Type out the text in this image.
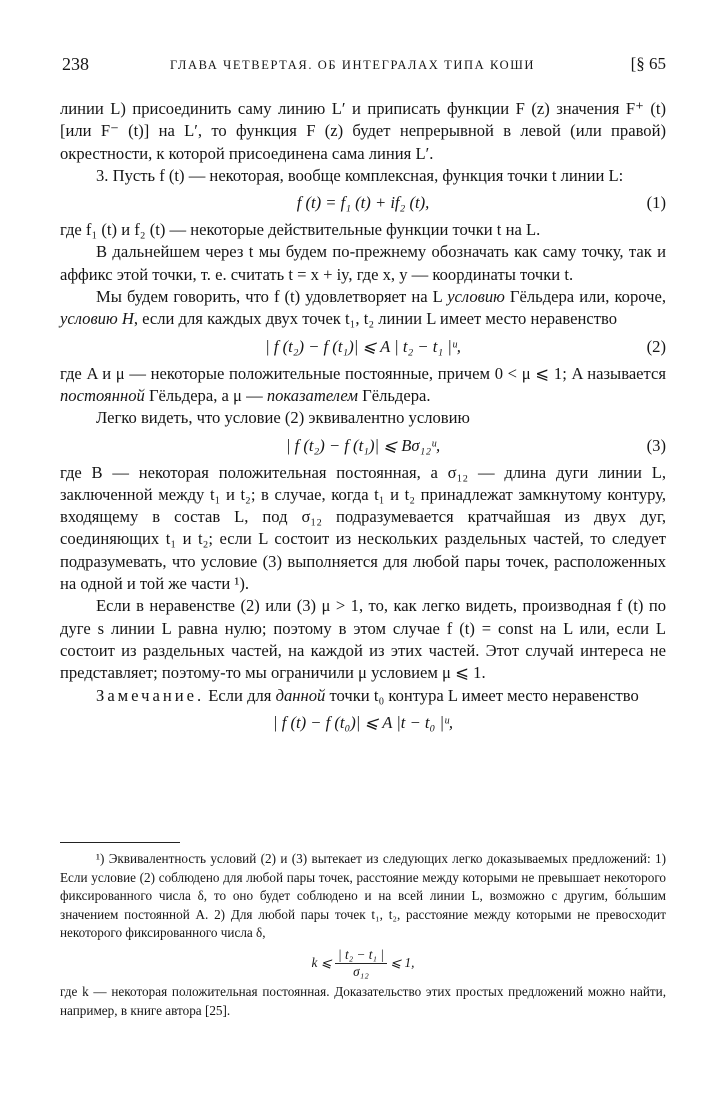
238	ГЛАВА ЧЕТВЕРТАЯ. ОБ ИНТЕГРАЛАХ ТИПА КОШИ	[§ 65

линии L) присоединить саму линию L′ и приписать функции F (z) значения F⁺ (t) [или F⁻ (t)] на L′, то функция F (z) будет непрерывной в левой (или правой) окрестности, к которой присоединена сама линия L′.

3. Пусть f (t) — некоторая, вообще комплексная, функция точки t линии L:

f (t) = f₁ (t) + if₂ (t),	(1)

где f₁ (t) и f₂ (t) — некоторые действительные функции точки t на L.

В дальнейшем через t мы будем по-прежнему обозначать как саму точку, так и аффикс этой точки, т. е. считать t = x + iy, где x, y — координаты точки t.

Мы будем говорить, что f (t) удовлетворяет на L условию Гёльдера или, короче, условию H, если для каждых двух точек t₁, t₂ линии L имеет место неравенство

| f (t₂) − f (t₁)| ⩽ A | t₂ − t₁ |ᵘ,	(2)

где A и μ — некоторые положительные постоянные, причем 0 < μ ⩽ 1; A называется постоянной Гёльдера, а μ — показателем Гёльдера.

Легко видеть, что условие (2) эквивалентно условию

| f (t₂) − f (t₁)| ⩽ Bσ₁₂ᵘ,	(3)

где B — некоторая положительная постоянная, а σ₁₂ — длина дуги линии L, заключенной между t₁ и t₂; в случае, когда t₁ и t₂ принадлежат замкнутому контуру, входящему в состав L, под σ₁₂ подразумевается кратчайшая из двух дуг, соединяющих t₁ и t₂; если L состоит из нескольких раздельных частей, то следует подразумевать, что условие (3) выполняется для любой пары точек, расположенных на одной и той же части ¹).

Если в неравенстве (2) или (3) μ > 1, то, как легко видеть, производная f (t) по дуге s линии L равна нулю; поэтому в этом случае f (t) = const на L или, если L состоит из раздельных частей, на каждой из этих частей. Этот случай интереса не представляет; поэтому-то мы ограничили μ условием μ ⩽ 1.

Замечание. Если для данной точки t₀ контура L имеет место неравенство

| f (t) − f (t₀)| ⩽ A |t − t₀ |ᵘ,

¹) Эквивалентность условий (2) и (3) вытекает из следующих легко доказываемых предложений: 1) Если условие (2) соблюдено для любой пары точек, расстояние между которыми не превышает некоторого фиксированного числа δ, то оно будет соблюдено и на всей линии L, возможно с другим, бо́льшим значением постоянной A. 2) Для любой пары точек t₁, t₂, расстояние между которыми не превосходит некоторого фиксированного числа δ,

k ⩽ $\frac{\text{| t₂ − t₁ |}}{\text{σ₁₂}}$ ⩽ 1,

где k — некоторая положительная постоянная. Доказательство этих простых предложений можно найти, например, в книге автора [25].
